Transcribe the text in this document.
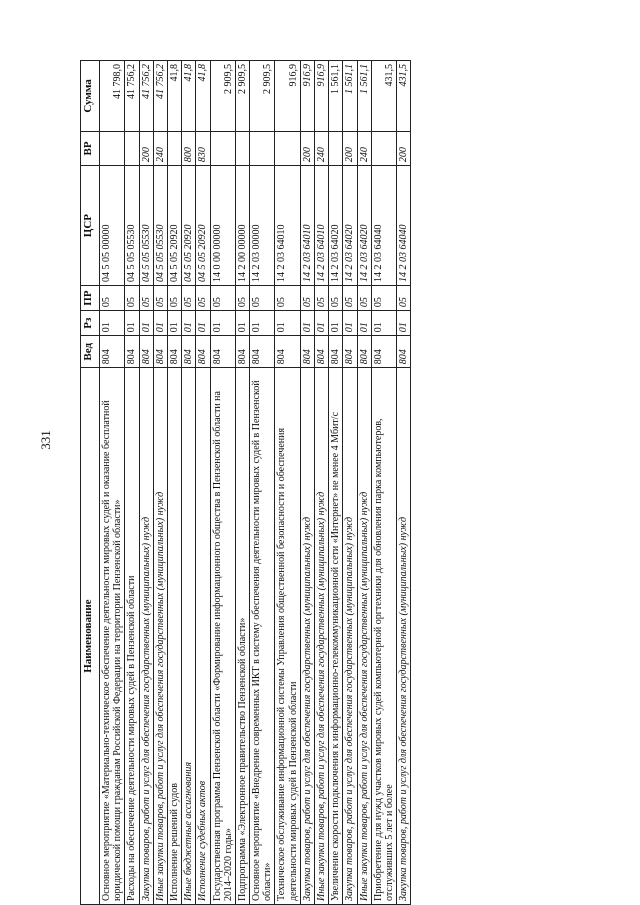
331
Наименование	Вед	Рз	ПР	ЦСР	ВР	Сумма
Основное мероприятие «Материально-техническое обеспечение деятельности мировых судей и оказание бесплатной юридической помощи гражданам Российской Федерации на территории Пензенской области»	804	01	05	04 5 05 00000		41 798,0
Расходы на обеспечение деятельности мировых судей в Пензенской области	804	01	05	04 5 05 05530		41 756,2
Закупка товаров, работ и услуг для обеспечения государственных (муниципальных) нужд	804	01	05	04 5 05 05530	200	41 756,2
Иные закупки товаров, работ и услуг для обеспечения государственных (муниципальных) нужд	804	01	05	04 5 05 05530	240	41 756,2
Исполнение решений судов	804	01	05	04 5 05 20920		41,8
Иные бюджетные ассигнования	804	01	05	04 5 05 20920	800	41,8
Исполнение судебных актов	804	01	05	04 5 05 20920	830	41,8
Государственная программа Пензенской области «Формирование информационного общества в Пензенской области на 2014–2020 годы»	804	01	05	14 0 00 00000		2 909,5
Подпрограмма «Электронное правительство Пензенской области»	804	01	05	14 2 00 00000		2 909,5
Основное мероприятие «Внедрение современных ИКТ в систему обеспечения деятельности мировых судей в Пензенской области»	804	01	05	14 2 03 00000		2 909,5
Техническое обслуживание информационной системы Управления общественной безопасности и обеспечения деятельности мировых судей в Пензенской области	804	01	05	14 2 03 64010		916,9
Закупка товаров, работ и услуг для обеспечения государственных (муниципальных) нужд	804	01	05	14 2 03 64010	200	916,9
Иные закупки товаров, работ и услуг для обеспечения государственных (муниципальных) нужд	804	01	05	14 2 03 64010	240	916,9
Увеличение скорости подключения к информационно-телекоммуникационной сети «Интернет» не менее 4 Мбит/с	804	01	05	14 2 03 64020		1 561,1
Закупка товаров, работ и услуг для обеспечения государственных (муниципальных) нужд	804	01	05	14 2 03 64020	200	1 561,1
Иные закупки товаров, работ и услуг для обеспечения государственных (муниципальных) нужд	804	01	05	14 2 03 64020	240	1 561,1
Приобретение для нужд участков мировых судей компьютерной оргтехники для обновления парка компьютеров, отслуживших 5 лет и более	804	01	05	14 2 03 64040		431,5
Закупка товаров, работ и услуг для обеспечения государственных (муниципальных) нужд	804	01	05	14 2 03 64040	200	431,5
